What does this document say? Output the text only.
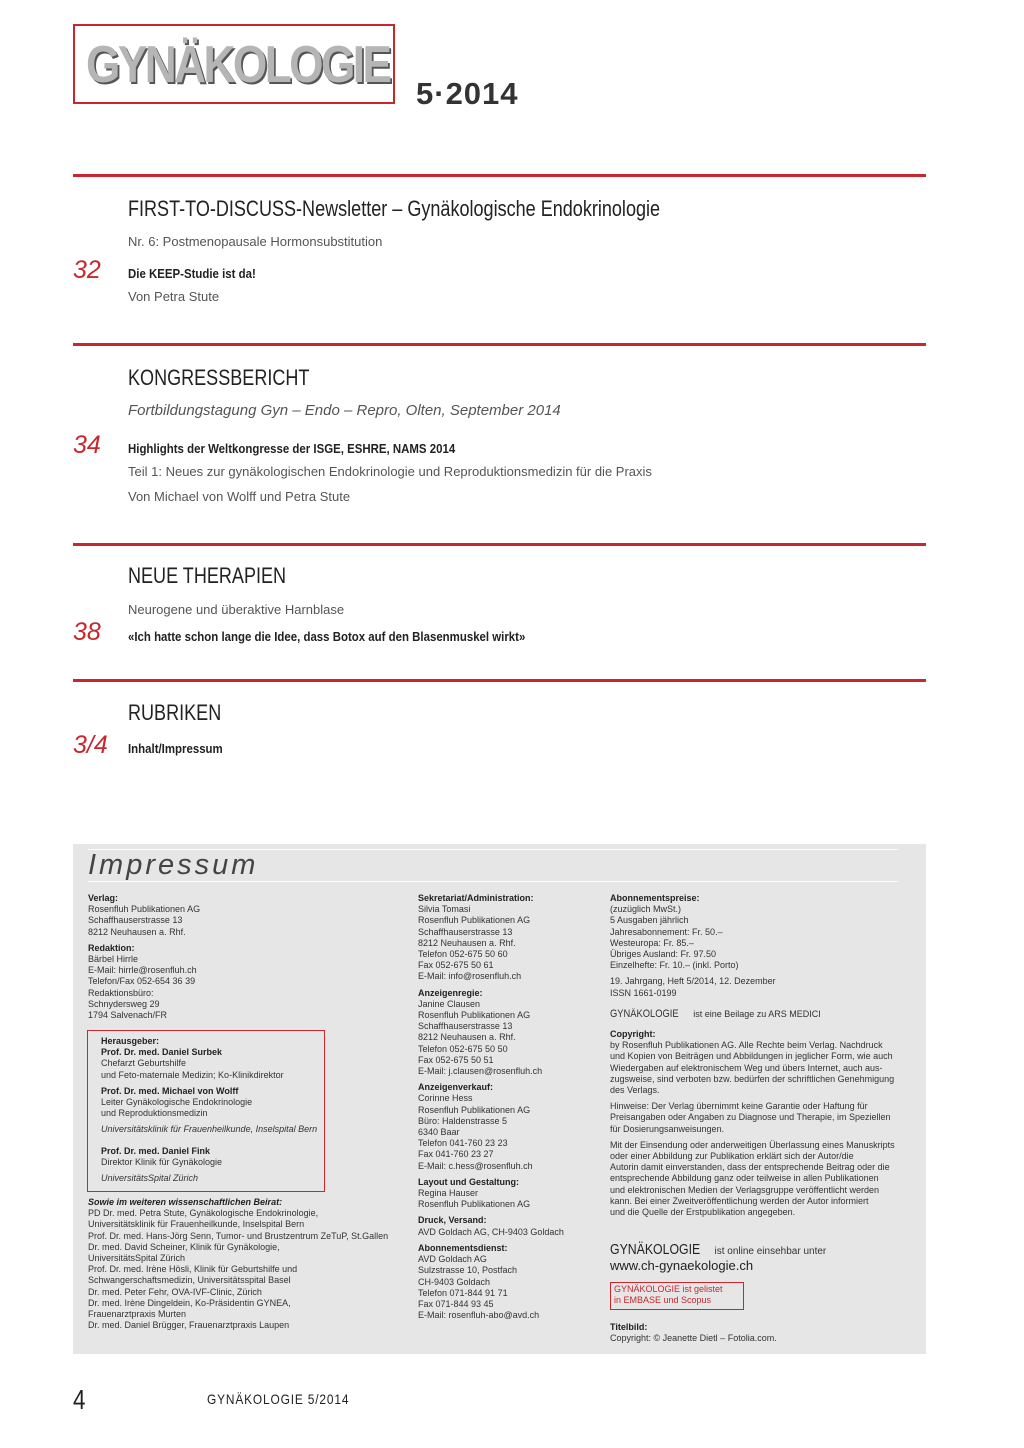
GYNÄKOLOGIE 5·2014
FIRST-TO-DISCUSS-Newsletter – Gynäkologische Endokrinologie
Nr. 6: Postmenopausale Hormonsubstitution
32 Die KEEP-Studie ist da!
Von Petra Stute
KONGRESSBERICHT
Fortbildungstagung Gyn – Endo – Repro, Olten, September 2014
34 Highlights der Weltkongresse der ISGE, ESHRE, NAMS 2014
Teil 1: Neues zur gynäkologischen Endokrinologie und Reproduktionsmedizin für die Praxis
Von Michael von Wolff und Petra Stute
NEUE THERAPIEN
Neurogene und überaktive Harnblase
38 «Ich hatte schon lange die Idee, dass Botox auf den Blasenmuskel wirkt»
RUBRIKEN
3/4 Inhalt/Impressum
Impressum
Verlag:
Rosenfluh Publikationen AG
Schaffhauserstrasse 13
8212 Neuhausen a. Rhf.
Redaktion:
Bärbel Hirrle
E-Mail: hirrle@rosenfluh.ch
Telefon/Fax 052-654 36 39
Redaktionsbüro:
Schnydersweg 29
1794 Salvenach/FR
Herausgeber:
Prof. Dr. med. Daniel Surbek
Chefarzt Geburtshilfe
und Feto-maternale Medizin; Ko-Klinikdirektor
Prof. Dr. med. Michael von Wolff
Leiter Gynäkologische Endokrinologie
und Reproduktionsmedizin
Universitätsklinik für Frauenheilkunde, Inselspital Bern
Prof. Dr. med. Daniel Fink
Direktor Klinik für Gynäkologie
UniversitätsSpital Zürich
Sowie im weiteren wissenschaftlichen Beirat:
PD Dr. med. Petra Stute, Gynäkologische Endokrinologie,
Universitätsklinik für Frauenheilkunde, Inselspital Bern
Prof. Dr. med. Hans-Jörg Senn, Tumor- und Brustzentrum ZeTuP, St.Gallen
Dr. med. David Scheiner, Klinik für Gynäkologie,
UniversitätsSpital Zürich
Prof. Dr. med. Irène Hösli, Klinik für Geburtshilfe und
Schwangerschaftsmedizin, Universitätsspital Basel
Dr. med. Peter Fehr, OVA-IVF-Clinic, Zürich
Dr. med. Irène Dingeldein, Ko-Präsidentin GYNEA,
Frauenarztpraxis Murten
Dr. med. Daniel Brügger, Frauenarztpraxis Laupen
Sekretariat/Administration:
Silvia Tomasi
Rosenfluh Publikationen AG
Schaffhauserstrasse 13
8212 Neuhausen a. Rhf.
Telefon 052-675 50 60
Fax 052-675 50 61
E-Mail: info@rosenfluh.ch
Anzeigenregie:
Janine Clausen
Rosenfluh Publikationen AG
Schaffhauserstrasse 13
8212 Neuhausen a. Rhf.
Telefon 052-675 50 50
Fax 052-675 50 51
E-Mail: j.clausen@rosenfluh.ch
Anzeigenverkauf:
Corinne Hess
Rosenfluh Publikationen AG
Büro: Haldenstrasse 5
6340 Baar
Telefon 041-760 23 23
Fax 041-760 23 27
E-Mail: c.hess@rosenfluh.ch
Layout und Gestaltung:
Regina Hauser
Rosenfluh Publikationen AG
Druck, Versand:
AVD Goldach AG, CH-9403 Goldach
Abonnementsdienst:
AVD Goldach AG
Sulzstrasse 10, Postfach
CH-9403 Goldach
Telefon 071-844 91 71
Fax 071-844 93 45
E-Mail: rosenfluh-abo@avd.ch
Abonnementspreise:
(zuzüglich MwSt.)
5 Ausgaben jährlich
Jahresabonnement: Fr. 50.–
Westeuropa: Fr. 85.–
Übriges Ausland: Fr. 97.50
Einzelhefte: Fr. 10.– (inkl. Porto)
19. Jahrgang, Heft 5/2014, 12. Dezember
ISSN 1661-0199
GYNÄKOLOGIE ist eine Beilage zu ARS MEDICI
Copyright:
by Rosenfluh Publikationen AG. Alle Rechte beim Verlag. Nachdruck
und Kopien von Beiträgen und Abbildungen in jeglicher Form, wie auch
Wiedergaben auf elektronischem Weg und übers Internet, auch aus-
zugsweise, sind verboten bzw. bedürfen der schriftlichen Genehmigung
des Verlags.
Hinweise: Der Verlag übernimmt keine Garantie oder Haftung für
Preisangaben oder Angaben zu Diagnose und Therapie, im Speziellen
für Dosierungsanweisungen.
Mit der Einsendung oder anderweitigen Überlassung eines Manuskripts
oder einer Abbildung zur Publikation erklärt sich der Autor/die
Autorin damit einverstanden, dass der entsprechende Beitrag oder die
entsprechende Abbildung ganz oder teilweise in allen Publikationen
und elektronischen Medien der Verlagsgruppe veröffentlicht werden
kann. Bei einer Zweitveröffentlichung werden der Autor informiert
und die Quelle der Erstpublikation angegeben.
GYNÄKOLOGIE ist online einsehbar unter
www.ch-gynaekologie.ch
GYNÄKOLOGIE ist gelistet
in EMBASE und Scopus
Titelbild:
Copyright: © Jeanette Dietl – Fotolia.com.
4	GYNÄKOLOGIE 5/2014
